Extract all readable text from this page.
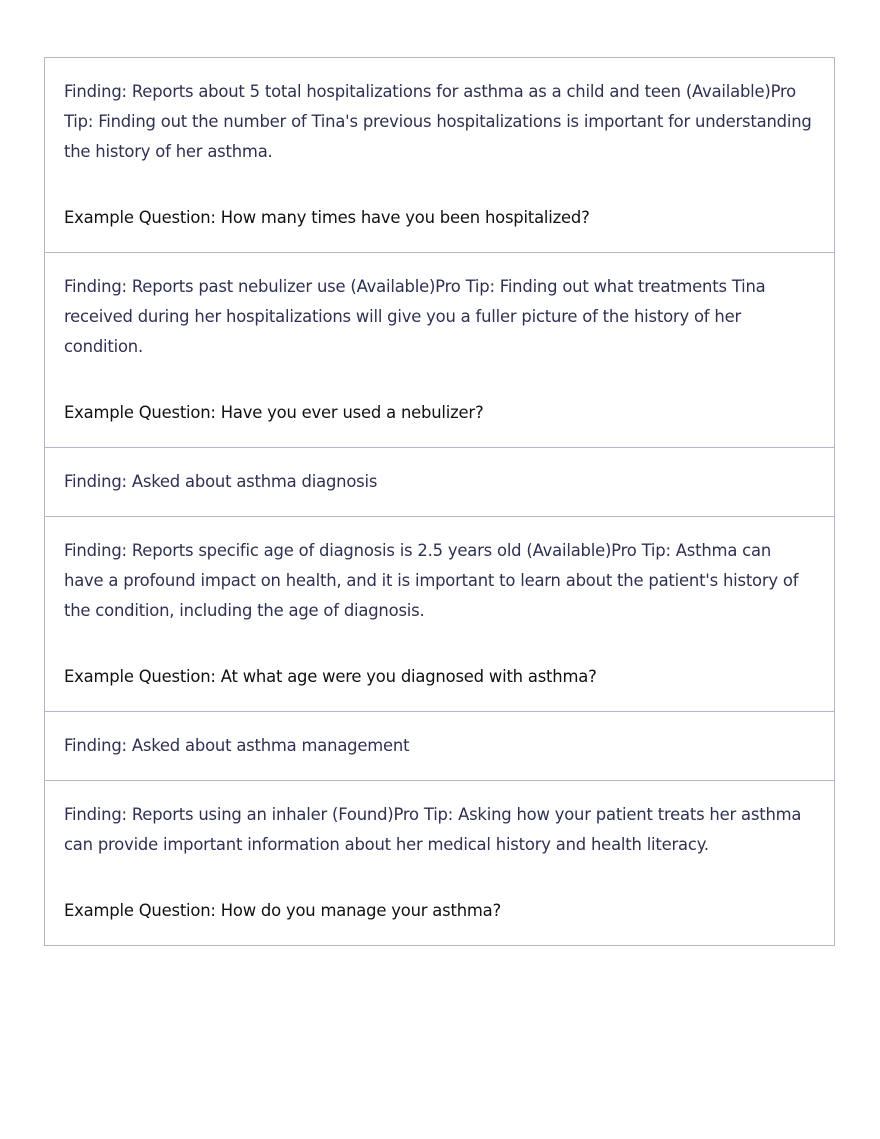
Finding: Reports about 5 total hospitalizations for asthma as a child and teen (Available)Pro Tip: Finding out the number of Tina's previous hospitalizations is important for understanding the history of her asthma.

Example Question: How many times have you been hospitalized?

Finding: Reports past nebulizer use (Available)Pro Tip: Finding out what treatments Tina received during her hospitalizations will give you a fuller picture of the history of her condition.

Example Question: Have you ever used a nebulizer?

Finding: Asked about asthma diagnosis

Finding: Reports specific age of diagnosis is 2.5 years old (Available)Pro Tip: Asthma can have a profound impact on health, and it is important to learn about the patient's history of the condition, including the age of diagnosis.

Example Question: At what age were you diagnosed with asthma?

Finding: Asked about asthma management

Finding: Reports using an inhaler (Found)Pro Tip: Asking how your patient treats her asthma can provide important information about her medical history and health literacy.

Example Question: How do you manage your asthma?
